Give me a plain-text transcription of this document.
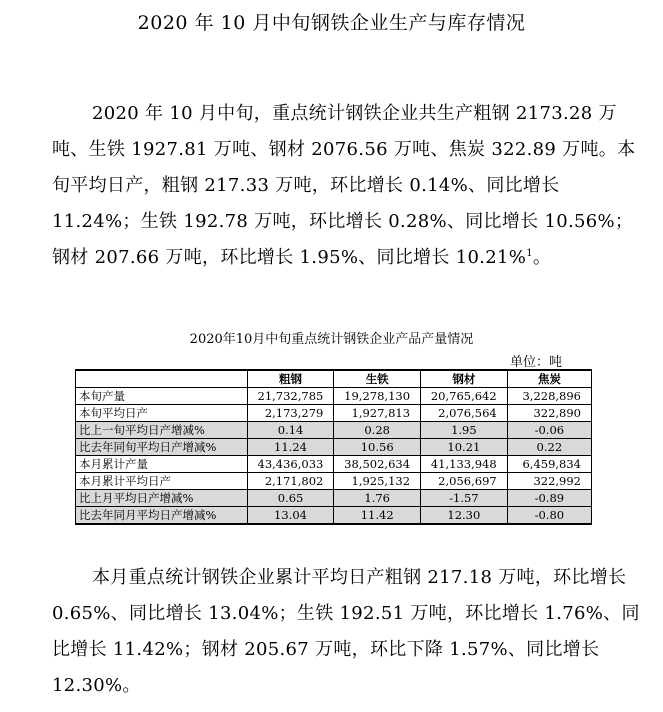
2020 年 10 月中旬钢铁企业生产与库存情况
2020 年 10 月中旬，重点统计钢铁企业共生产粗钢 2173.28 万吨、生铁 1927.81 万吨、钢材 2076.56 万吨、焦炭 322.89 万吨。本旬平均日产，粗钢 217.33 万吨，环比增长 0.14%、同比增长 11.24%；生铁 192.78 万吨，环比增长 0.28%、同比增长 10.56%；钢材 207.66 万吨，环比增长 1.95%、同比增长 10.21%$^1$。
2020年10月中旬重点统计钢铁企业产品产量情况
单位：吨
	粗钢	生铁	钢材	焦炭
本旬产量	21,732,785	19,278,130	20,765,642	3,228,896
本旬平均日产	2,173,279	1,927,813	2,076,564	322,890
比上一旬平均日产增减%	0.14	0.28	1.95	-0.06
比去年同旬平均日产增减%	11.24	10.56	10.21	0.22
本月累计产量	43,436,033	38,502,634	41,133,948	6,459,834
本月累计平均日产	2,171,802	1,925,132	2,056,697	322,992
比上月平均日产增减%	0.65	1.76	-1.57	-0.89
比去年同月平均日产增减%	13.04	11.42	12.30	-0.80
本月重点统计钢铁企业累计平均日产粗钢 217.18 万吨，环比增长 0.65%、同比增长 13.04%；生铁 192.51 万吨，环比增长 1.76%、同比增长 11.42%；钢材 205.67 万吨，环比下降 1.57%、同比增长 12.30%。
